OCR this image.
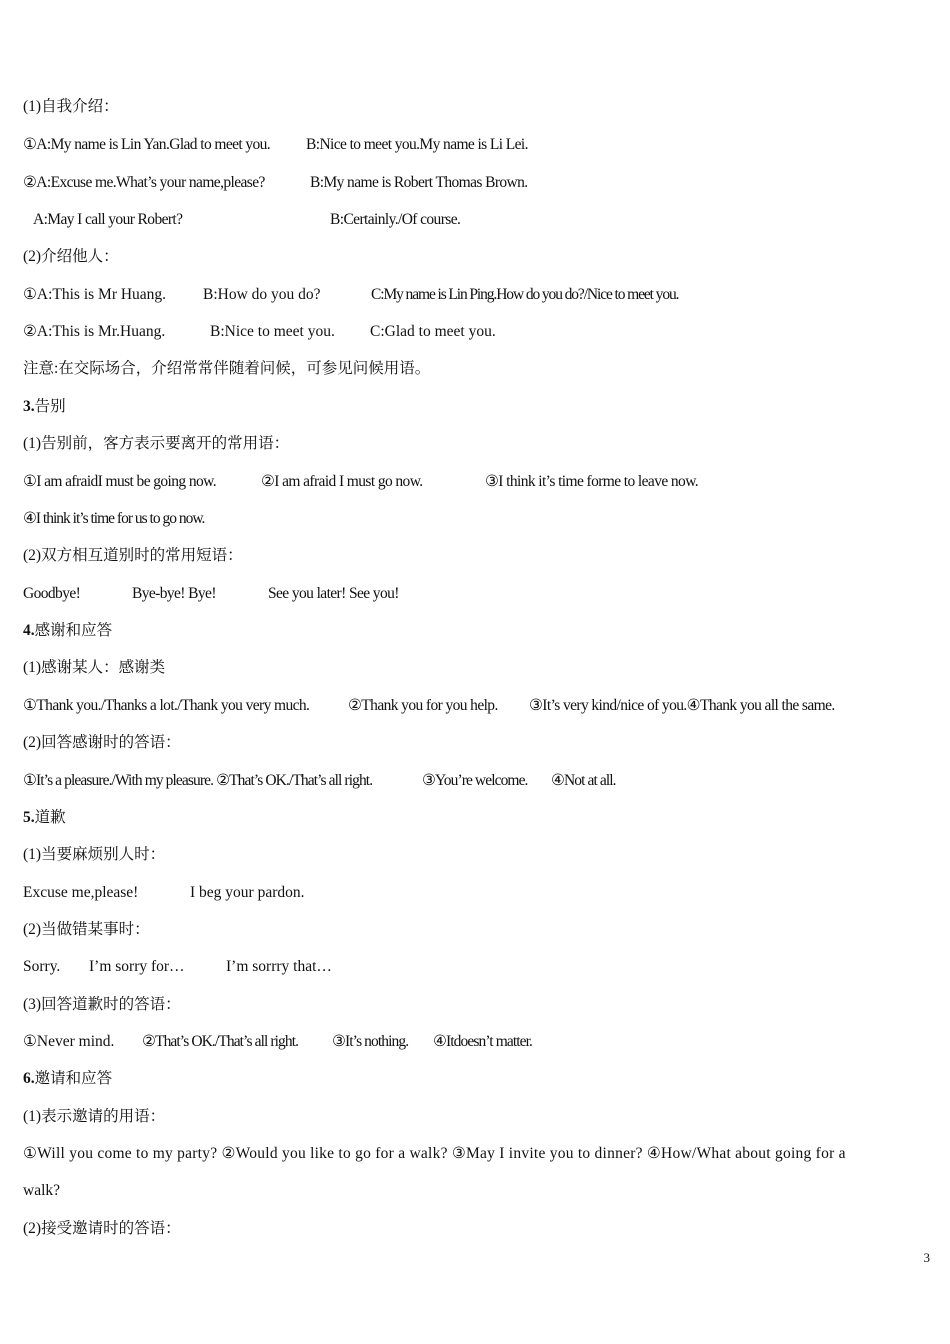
(1)自我介绍：
①A:My name is Lin Yan.Glad to meet you. B:Nice to meet you.My name is Li Lei.
②A:Excuse me.What’s your name,please?	B:My name is Robert Thomas Brown.
A:May I call your Robert?	B:Certainly./Of course.
(2)介绍他人：
①A:This is Mr Huang. B:How do you do?	C:My name is Lin Ping.How do you do?/Nice to meet you.
②A:This is Mr.Huang.	B:Nice to meet you. C:Glad to meet you.
注意:在交际场合，介绍常常伴随着问候，可参见问候用语。
3.告别
(1)告别前，客方表示要离开的常用语：
①I am afraidI must be going now.	②I am afraid I must go now.	③I think it’s time forme to leave now.
④I think it’s time for us to go now.
(2)双方相互道别时的常用短语：
Goodbye!	Bye-bye! Bye!	See you later! See you!
4.感谢和应答
(1)感谢某人：感谢类
①Thank you./Thanks a lot./Thank you very much. ②Thank you for you help. ③It’s very kind/nice of you.④Thank you all the same.
(2)回答感谢时的答语：
①It’s a pleasure./With my pleasure. ②That’s OK./That’s all right.	③You’re welcome. ④Not at all.
5.道歉
(1)当要麻烦别人时：
Excuse me,please!	I beg your pardon.
(2)当做错某事时：
Sorry. I’m sorry for…	I’m sorrry that…
(3)回答道歉时的答语：
①Never mind. ②That’s OK./That’s all right. ③It’s nothing. ④Itdoesn’t matter.
6.邀请和应答
(1)表示邀请的用语：
①Will you come to my party? ②Would you like to go for a walk? ③May I invite you to dinner? ④How/What about going for a
walk?
(2)接受邀请时的答语：
3
